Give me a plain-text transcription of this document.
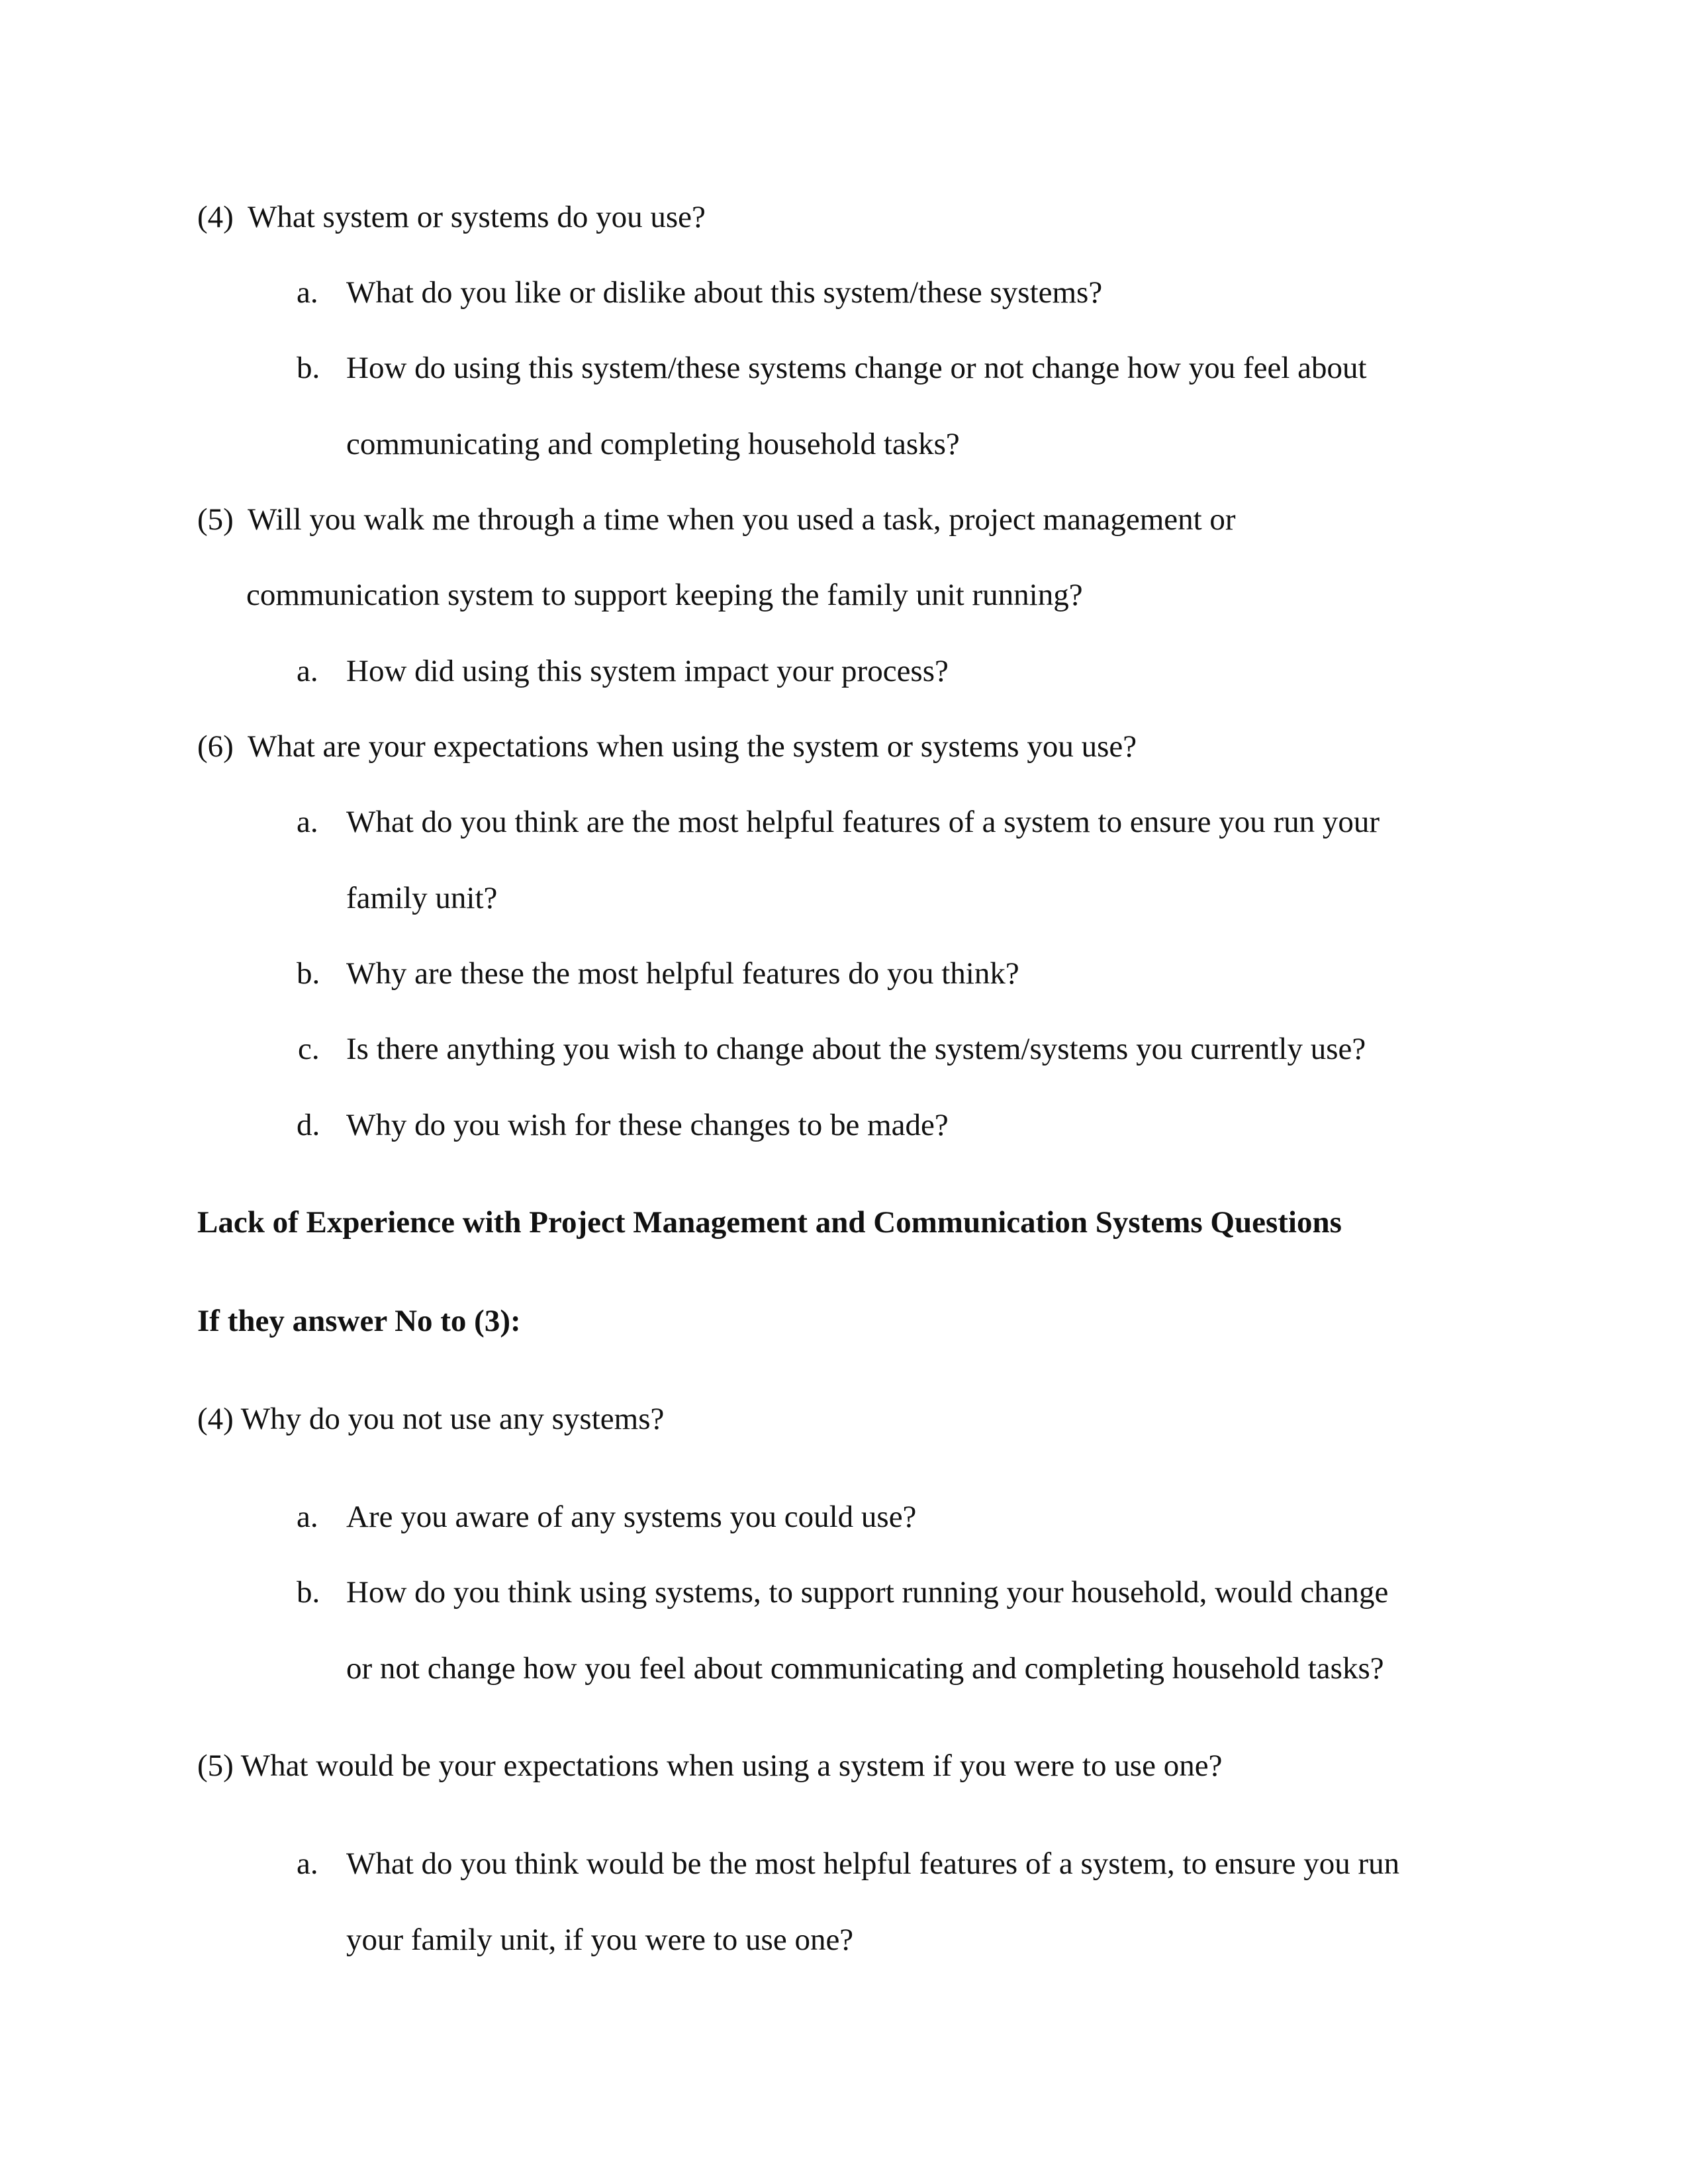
(4) What system or systems do you use?
a. What do you like or dislike about this system/these systems?
b. How do using this system/these systems change or not change how you feel about
communicating and completing household tasks?
(5) Will you walk me through a time when you used a task, project management or
communication system to support keeping the family unit running?
a. How did using this system impact your process?
(6) What are your expectations when using the system or systems you use?
a. What do you think are the most helpful features of a system to ensure you run your
family unit?
b. Why are these the most helpful features do you think?
c. Is there anything you wish to change about the system/systems you currently use?
d. Why do you wish for these changes to be made?
Lack of Experience with Project Management and Communication Systems Questions
If they answer No to (3):
(4) Why do you not use any systems?
a. Are you aware of any systems you could use?
b. How do you think using systems, to support running your household, would change
or not change how you feel about communicating and completing household tasks?
(5) What would be your expectations when using a system if you were to use one?
a. What do you think would be the most helpful features of a system, to ensure you run
your family unit, if you were to use one?
